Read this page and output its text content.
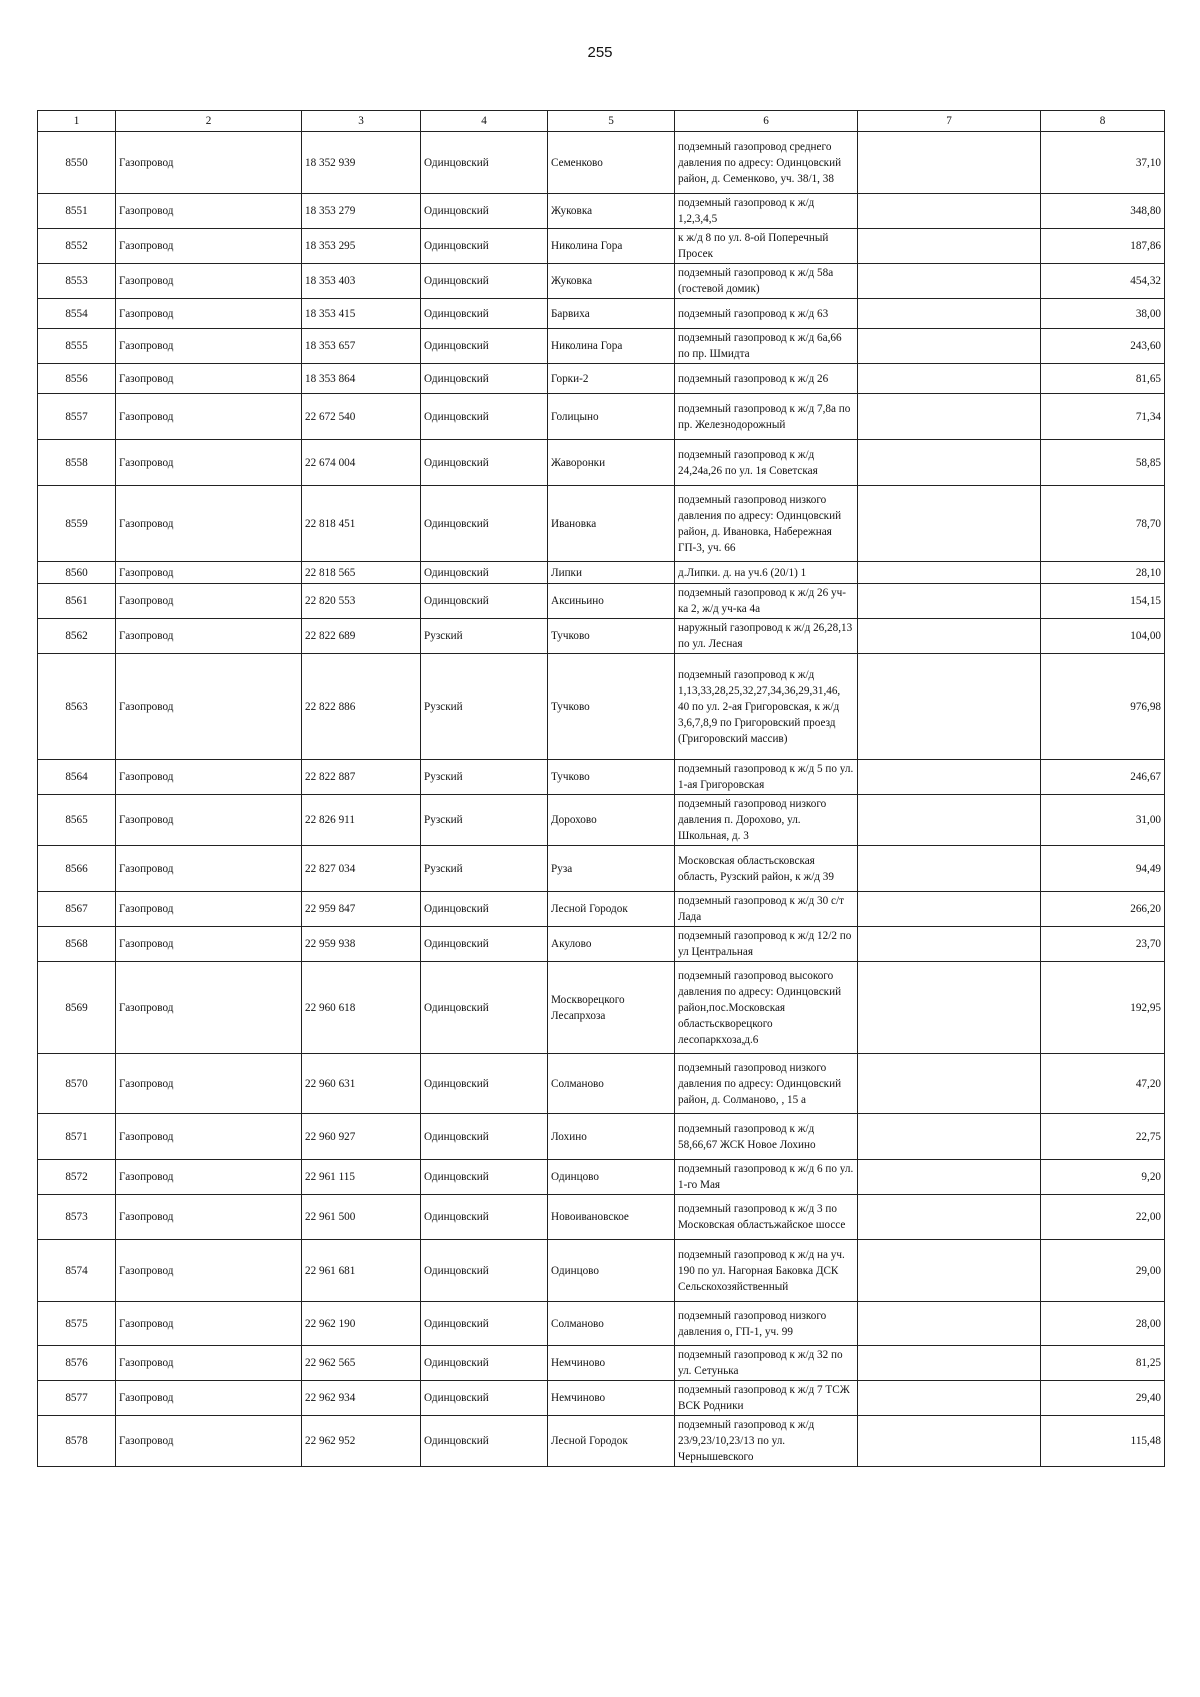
255
1	2	3	4	5	6	7	8
8550	Газопровод	18 352 939	Одинцовский	Семенково	подземный газопровод среднего давления по адресу: Одинцовский район, д. Семенково, уч. 38/1, 38		37,10
8551	Газопровод	18 353 279	Одинцовский	Жуковка	подземный газопровод к ж/д 1,2,3,4,5		348,80
8552	Газопровод	18 353 295	Одинцовский	Николина Гора	к ж/д 8 по ул. 8-ой Поперечный Просек		187,86
8553	Газопровод	18 353 403	Одинцовский	Жуковка	подземный газопровод к ж/д 58а (гостевой домик)		454,32
8554	Газопровод	18 353 415	Одинцовский	Барвиха	подземный газопровод к ж/д 63		38,00
8555	Газопровод	18 353 657	Одинцовский	Николина Гора	подземный газопровод к ж/д 6а,66 по пр. Шмидта		243,60
8556	Газопровод	18 353 864	Одинцовский	Горки-2	подземный газопровод к ж/д 26		81,65
8557	Газопровод	22 672 540	Одинцовский	Голицыно	подземный газопровод к ж/д 7,8а по пр. Железнодорожный		71,34
8558	Газопровод	22 674 004	Одинцовский	Жаворонки	подземный газопровод к ж/д 24,24а,26 по ул. 1я Советская		58,85
8559	Газопровод	22 818 451	Одинцовский	Ивановка	подземный газопровод низкого давления по адресу: Одинцовский район, д. Ивановка, Набережная ГП-3, уч. 66		78,70
8560	Газопровод	22 818 565	Одинцовский	Липки	д.Липки. д. на уч.6 (20/1) 1		28,10
8561	Газопровод	22 820 553	Одинцовский	Аксиньино	подземный газопровод к ж/д 26 уч-ка 2, ж/д уч-ка 4а		154,15
8562	Газопровод	22 822 689	Рузский	Тучково	наружный газопровод к ж/д 26,28,13 по ул. Лесная		104,00
8563	Газопровод	22 822 886	Рузский	Тучково	подземный газопровод к ж/д 1,13,33,28,25,32,27,34,36,29,31,46, 40 по ул. 2-ая Григоровская, к ж/д 3,6,7,8,9 по Григоровский проезд (Григоровский массив)		976,98
8564	Газопровод	22 822 887	Рузский	Тучково	подземный газопровод к ж/д 5 по ул. 1-ая Григоровская		246,67
8565	Газопровод	22 826 911	Рузский	Дорохово	подземный газопровод низкого давления п. Дорохово, ул. Школьная, д. 3		31,00
8566	Газопровод	22 827 034	Рузский	Руза	Московская областьсковская область, Рузский район, к ж/д 39		94,49
8567	Газопровод	22 959 847	Одинцовский	Лесной Городок	подземный газопровод к ж/д 30 с/т Лада		266,20
8568	Газопровод	22 959 938	Одинцовский	Акулово	подземный газопровод к ж/д 12/2 по ул Центральная		23,70
8569	Газопровод	22 960 618	Одинцовский	Москворецкого Лесапрхоза	подземный газопровод высокого давления по адресу: Одинцовский район,пос.Московская областьскворецкого лесопаркхоза,д.6		192,95
8570	Газопровод	22 960 631	Одинцовский	Солманово	подземный газопровод низкого давления по адресу: Одинцовский район, д. Солманово, , 15 а		47,20
8571	Газопровод	22 960 927	Одинцовский	Лохино	подземный газопровод к ж/д 58,66,67 ЖСК Новое Лохино		22,75
8572	Газопровод	22 961 115	Одинцовский	Одинцово	подземный газопровод к ж/д 6 по ул. 1-го Мая		9,20
8573	Газопровод	22 961 500	Одинцовский	Новоивановское	подземный газопровод к ж/д 3 по Московская областьжайское шоссе		22,00
8574	Газопровод	22 961 681	Одинцовский	Одинцово	подземный газопровод к ж/д на уч. 190 по ул. Нагорная Баковка ДСК Сельскохозяйственный		29,00
8575	Газопровод	22 962 190	Одинцовский	Солманово	подземный газопровод низкого давления о, ГП-1, уч. 99		28,00
8576	Газопровод	22 962 565	Одинцовский	Немчиново	подземный газопровод к ж/д 32 по ул. Сетунька		81,25
8577	Газопровод	22 962 934	Одинцовский	Немчиново	подземный газопровод к ж/д 7 ТСЖ ВСК Родники		29,40
8578	Газопровод	22 962 952	Одинцовский	Лесной Городок	подземный газопровод к ж/д 23/9,23/10,23/13 по ул. Чернышевского		115,48
